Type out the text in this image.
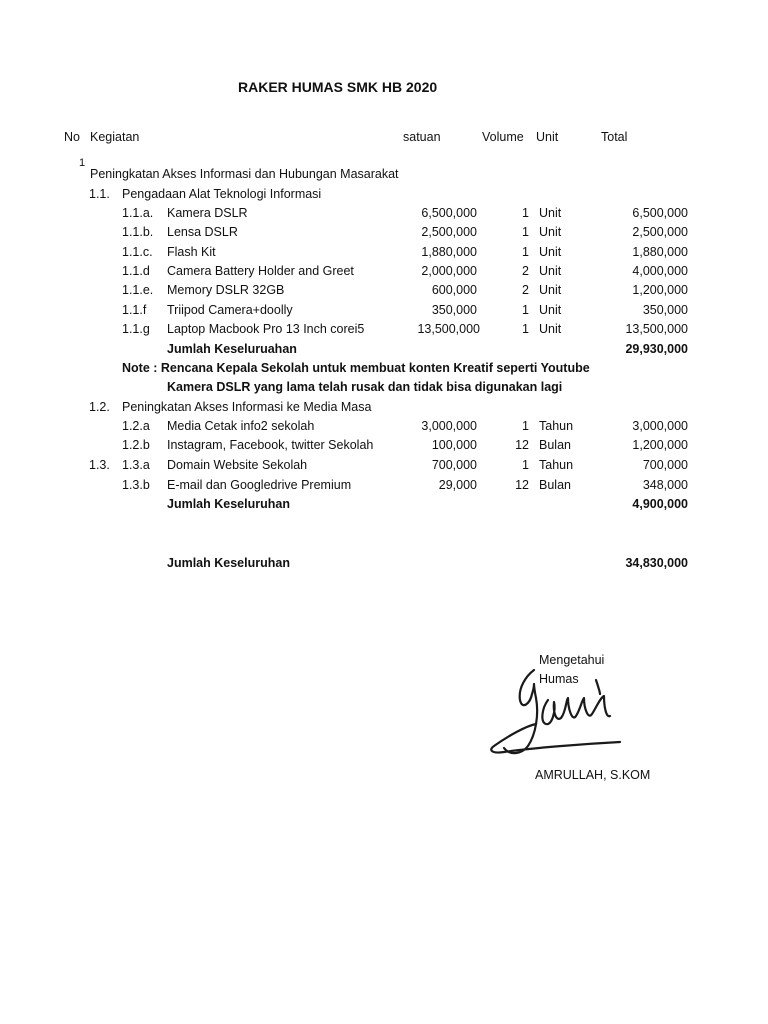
RAKER HUMAS SMK HB 2020
No Kegiatan	satuan	Volume Unit	Total
1
Peningkatan Akses Informasi dan Hubungan Masarakat
1.1. Pengadaan Alat Teknologi Informasi
1.1.a. Kamera DSLR	6,500,000	1 Unit	6,500,000
1.1.b. Lensa DSLR	2,500,000	1 Unit	2,500,000
1.1.c. Flash Kit	1,880,000	1 Unit	1,880,000
1.1.d Camera Battery Holder and Greet	2,000,000	2 Unit	4,000,000
1.1.e. Memory DSLR 32GB	600,000	2 Unit	1,200,000
1.1.f Triipod Camera+doolly	350,000	1 Unit	350,000
1.1.g Laptop Macbook Pro 13 Inch corei5	13,500,000	1 Unit	13,500,000
Jumlah Keseluruahan	29,930,000
Note : Rencana Kepala Sekolah untuk membuat konten Kreatif seperti Youtube
Kamera DSLR yang lama telah rusak dan tidak bisa digunakan lagi
1.2. Peningkatan Akses Informasi ke Media Masa
1.2.a Media Cetak info2 sekolah	3,000,000	1 Tahun	3,000,000
1.2.b Instagram, Facebook, twitter Sekolah	100,000	12 Bulan	1,200,000
1.3. 1.3.a Domain Website Sekolah	700,000	1 Tahun	700,000
1.3.b E-mail dan Googledrive Premium	29,000	12 Bulan	348,000
Jumlah Keseluruhan	4,900,000
Jumlah Keseluruhan	34,830,000
Mengetahui
Humas
AMRULLAH, S.KOM
